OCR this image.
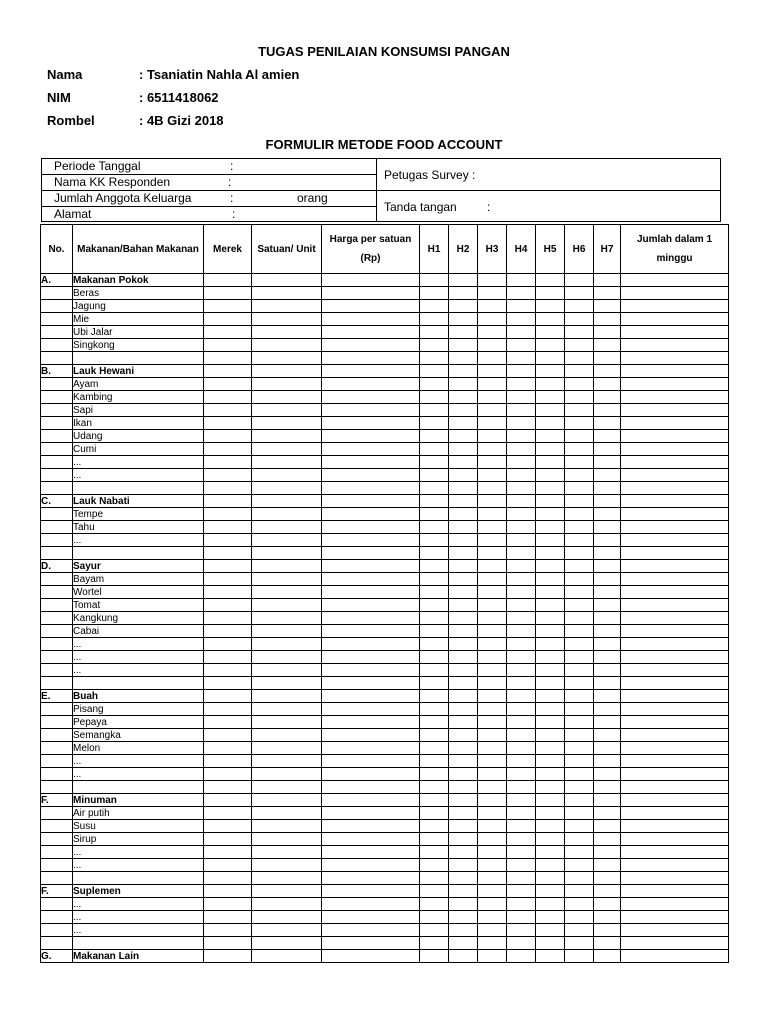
TUGAS PENILAIAN KONSUMSI PANGAN
Nama	: Tsaniatin Nahla Al amien
NIM	: 6511418062
Rombel	: 4B Gizi 2018
FORMULIR METODE FOOD ACCOUNT
Periode Tanggal	:
Nama KK Responden	:
Jumlah Anggota Keluarga	:	orang
Alamat	:
Petugas Survey :
Tanda tangan	:
No.	Makanan/Bahan Makanan	Merek	Satuan/ Unit	Harga per satuan (Rp)	H1	H2	H3	H4	H5	H6	H7	Jumlah dalam 1 minggu
A.	Makanan Pokok											
	Beras											
	Jagung											
	Mie											
	Ubi Jalar											
	Singkong											

B.	Lauk Hewani											
	Ayam											
	Kambing											
	Sapi											
	Ikan											
	Udang											
	Cumi											
	...											
	...											

C.	Lauk Nabati											
	Tempe											
	Tahu											
	...											

D.	Sayur											
	Bayam											
	Wortel											
	Tomat											
	Kangkung											
	Cabai											
	...											
	...											
	...											

E.	Buah											
	Pisang											
	Pepaya											
	Semangka											
	Melon											
	...											
	...											

F.	Minuman											
	Air putih											
	Susu											
	Sirup											
	...											
	...											

F.	Suplemen											
	...											
	...											
	...											

G.	Makanan Lain											
